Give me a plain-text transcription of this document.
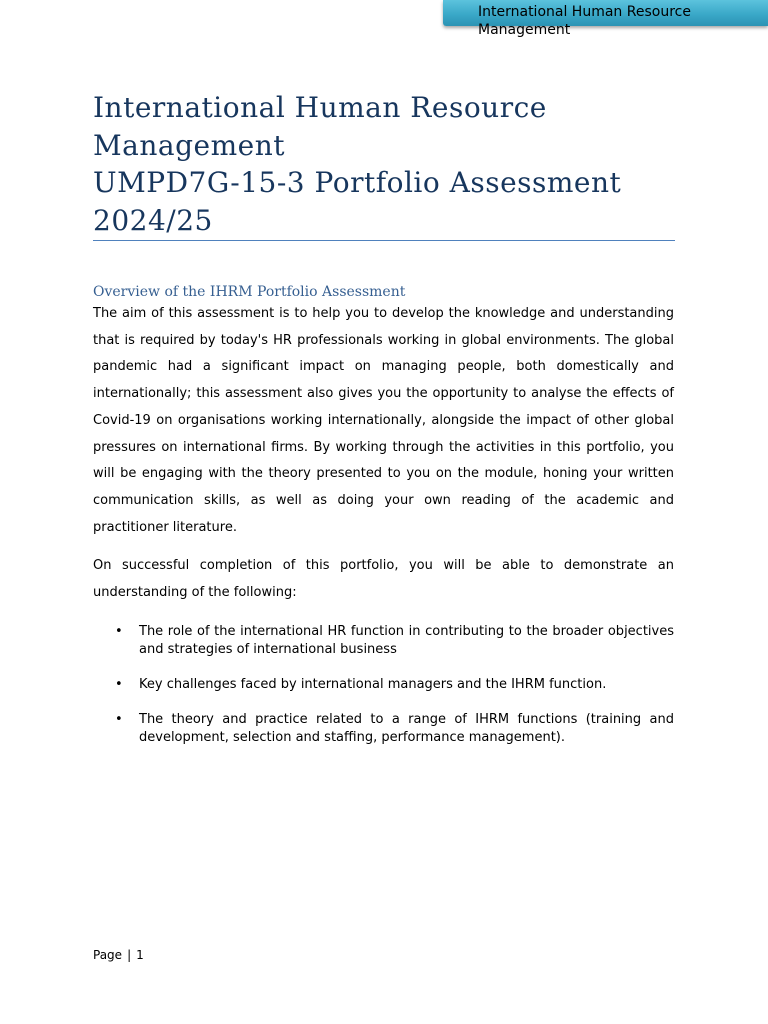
International Human Resource Management
International Human Resource
Management
UMPD7G-15-3 Portfolio Assessment
2024/25
Overview of the IHRM Portfolio Assessment

The aim of this assessment is to help you to develop the knowledge and understanding that is required by today's HR professionals working in global environments. The global pandemic had a significant impact on managing people, both domestically and internationally; this assessment also gives you the opportunity to analyse the effects of Covid-19 on organisations working internationally, alongside the impact of other global pressures on international firms. By working through the activities in this portfolio, you will be engaging with the theory presented to you on the module, honing your written communication skills, as well as doing your own reading of the academic and practitioner literature.

On successful completion of this portfolio, you will be able to demonstrate an understanding of the following:

• The role of the international HR function in contributing to the broader objectives and strategies of international business
• Key challenges faced by international managers and the IHRM function.
• The theory and practice related to a range of IHRM functions (training and development, selection and staffing, performance management).
Page | 1
